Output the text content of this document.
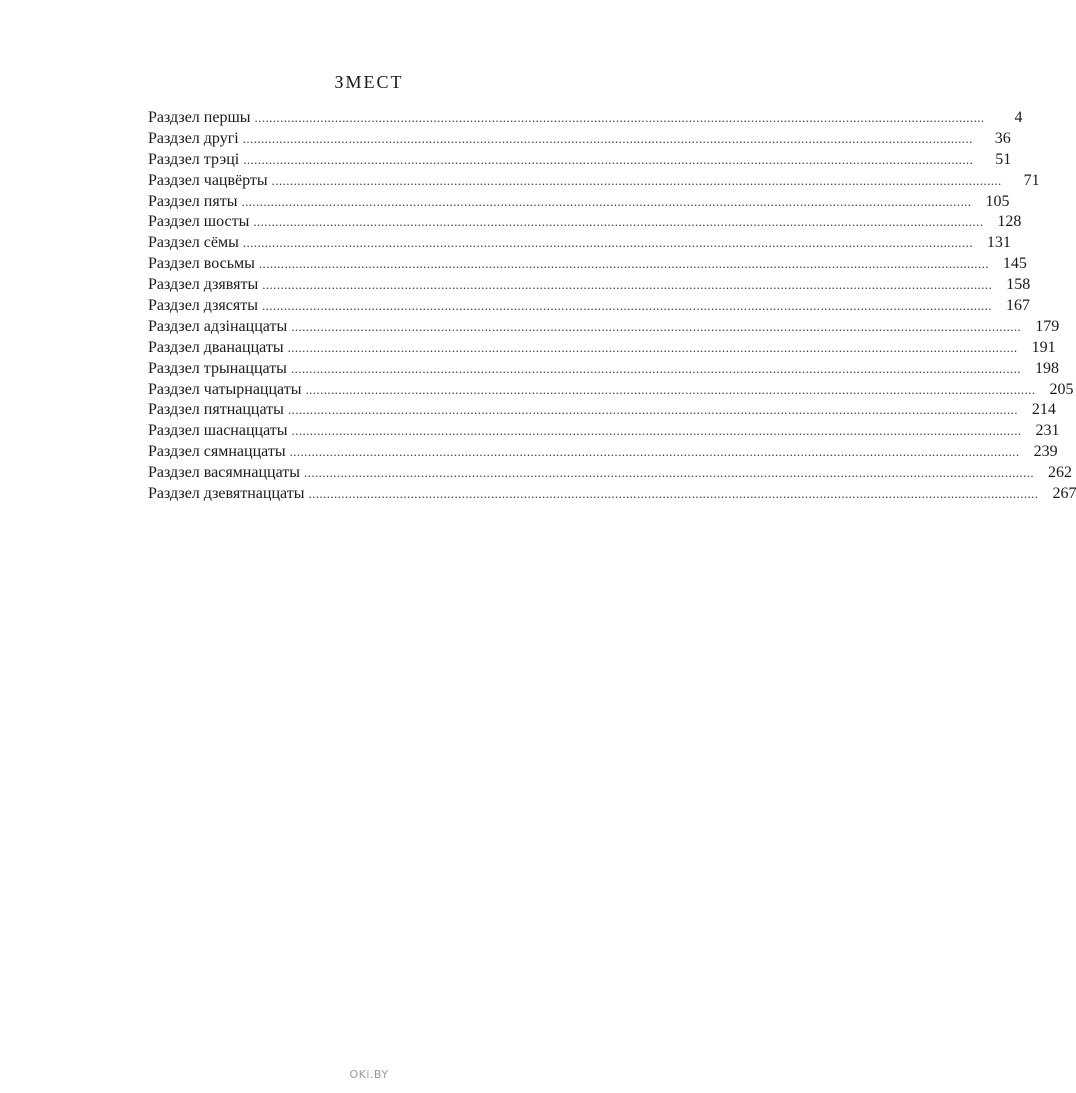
ЗМЕСТ
Раздзел першы ........................................................................................................................................................................................................	4
Раздзел другі ........................................................................................................................................................................................................	36
Раздзел трэці ........................................................................................................................................................................................................	51
Раздзел чацвёрты ........................................................................................................................................................................................................	71
Раздзел пяты ........................................................................................................................................................................................................ 105
Раздзел шосты ........................................................................................................................................................................................................ 128
Раздзел сёмы ........................................................................................................................................................................................................ 131
Раздзел восьмы ........................................................................................................................................................................................................ 145
Раздзел дзявяты ........................................................................................................................................................................................................ 158
Раздзел дзясяты ........................................................................................................................................................................................................ 167
Раздзел адзінаццаты ........................................................................................................................................................................................................ 179
Раздзел дванаццаты ........................................................................................................................................................................................................ 191
Раздзел трынаццаты ........................................................................................................................................................................................................ 198
Раздзел чатырнаццаты ........................................................................................................................................................................................................ 205
Раздзел пятнаццаты ........................................................................................................................................................................................................ 214
Раздзел шаснаццаты ........................................................................................................................................................................................................ 231
Раздзел сямнаццаты ........................................................................................................................................................................................................ 239
Раздзел васямнаццаты ........................................................................................................................................................................................................ 262
Раздзел дзевятнаццаты ........................................................................................................................................................................................................ 267
OKi.BY
